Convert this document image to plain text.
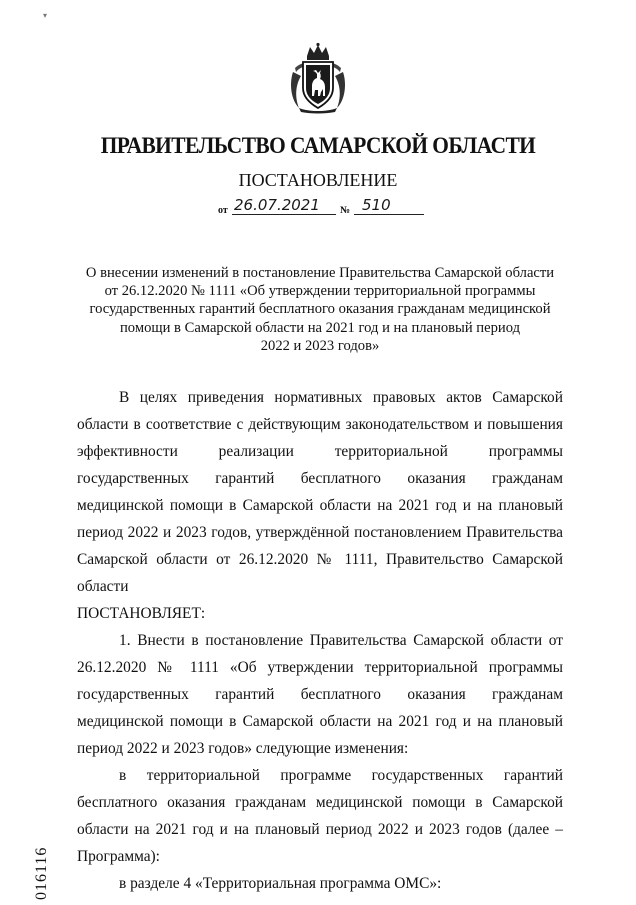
▾
ПРАВИТЕЛЬСТВО САМАРСКОЙ ОБЛАСТИ
ПОСТАНОВЛЕНИЕ
от 26.07.2021 № 510
О внесении изменений в постановление Правительства Самарской области
от 26.12.2020 № 1111 «Об утверждении территориальной программы
государственных гарантий бесплатного оказания гражданам медицинской
помощи в Самарской области на 2021 год и на плановый период
2022 и 2023 годов»

В целях приведения нормативных правовых актов Самарской области в соответствие с действующим законодательством и повышения эффективности реализации территориальной программы государственных гарантий бесплатного оказания гражданам медицинской помощи в Самарской области на 2021 год и на плановый период 2022 и 2023 годов, утверждённой постановлением Правительства Самарской области от 26.12.2020 № 1111, Правительство Самарской области

ПОСТАНОВЛЯЕТ:

1. Внести в постановление Правительства Самарской области от 26.12.2020 № 1111 «Об утверждении территориальной программы государственных гарантий бесплатного оказания гражданам медицинской помощи в Самарской области на 2021 год и на плановый период 2022 и 2023 годов» следующие изменения:

в территориальной программе государственных гарантий бесплатного оказания гражданам медицинской помощи в Самарской области на 2021 год и на плановый период 2022 и 2023 годов (далее – Программа):

в разделе 4 «Территориальная программа ОМС»:

016116
